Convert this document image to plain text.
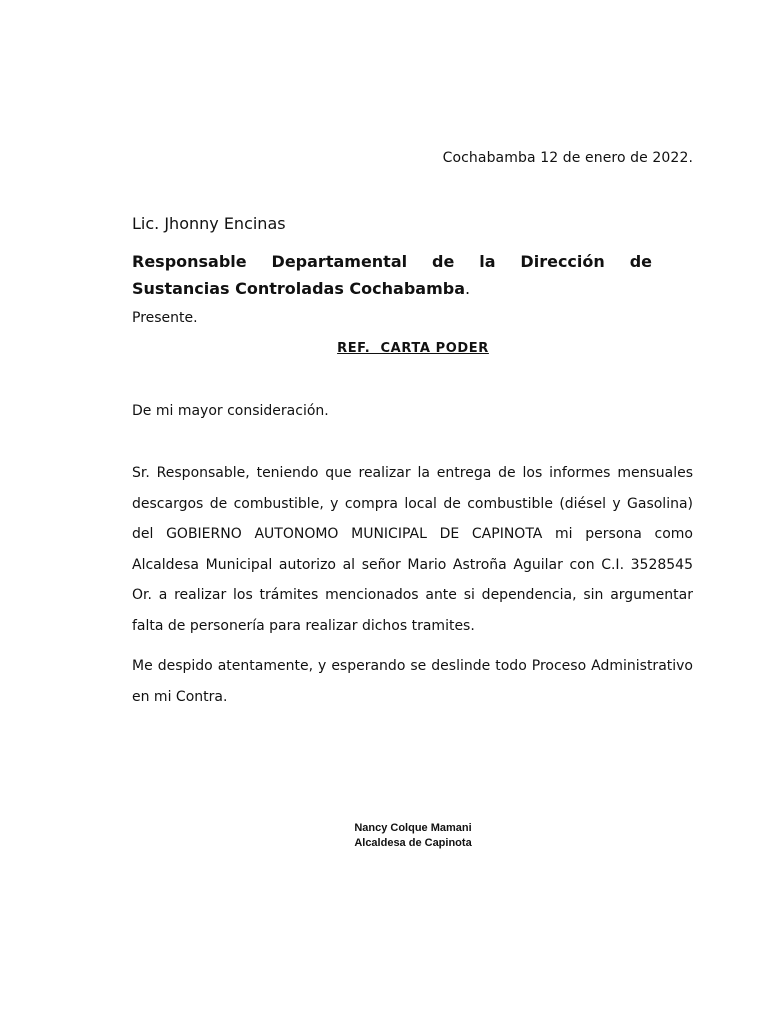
Cochabamba 12 de enero de 2022.
Lic. Jhonny Encinas
Responsable Departamental de la Dirección de Sustancias Controladas Cochabamba.
Presente.
REF.  CARTA PODER
De mi mayor consideración.
Sr. Responsable, teniendo que realizar la entrega de los informes mensuales descargos de combustible, y compra local de combustible (diésel y Gasolina) del GOBIERNO AUTONOMO MUNICIPAL DE CAPINOTA mi persona como Alcaldesa Municipal autorizo al señor Mario Astroña Aguilar con C.I. 3528545 Or. a realizar los trámites mencionados ante si dependencia, sin argumentar falta de personería para realizar dichos tramites.
Me despido atentamente, y esperando se deslinde todo Proceso Administrativo en mi Contra.
Nancy Colque Mamani
Alcaldesa de Capinota
